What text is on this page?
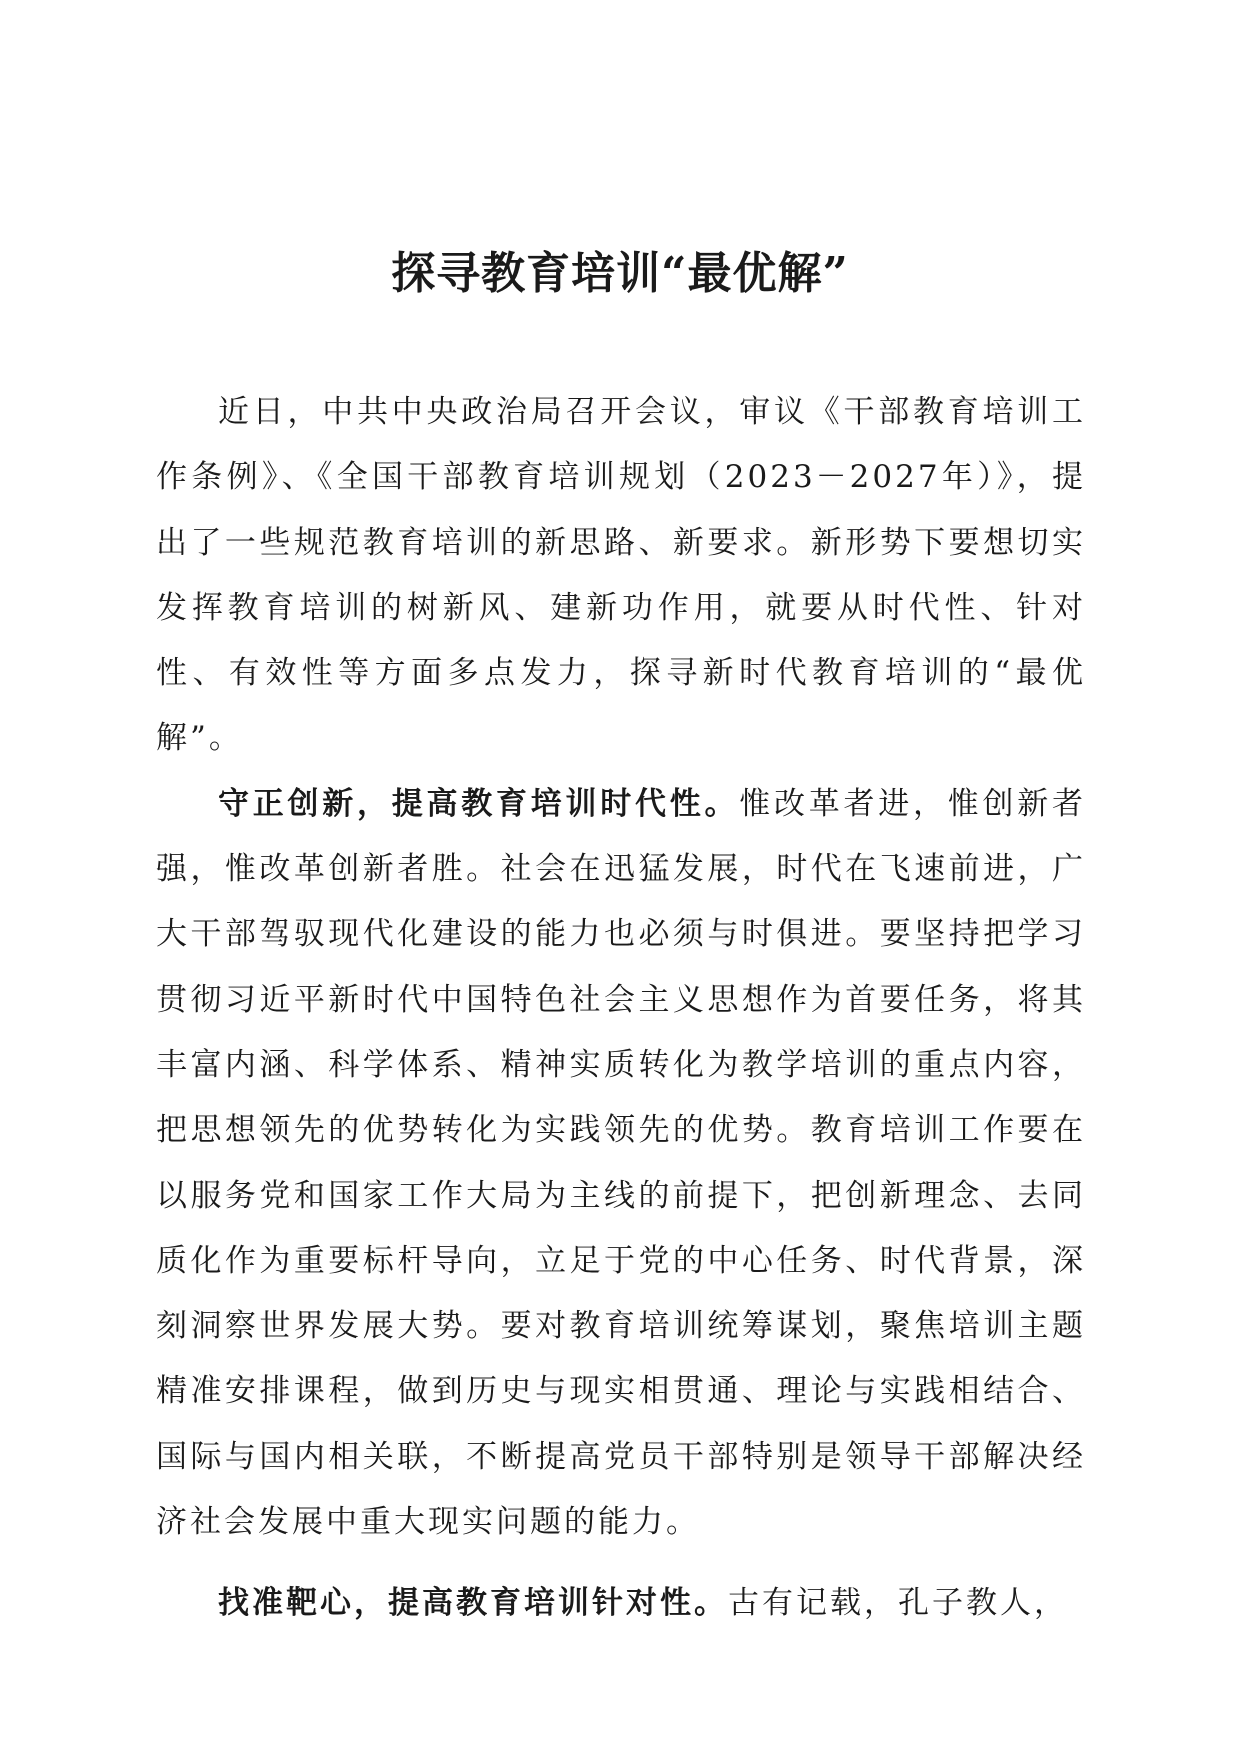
探寻教育培训“最优解”

近日，中共中央政治局召开会议，审议《干部教育培训工作条例》、《全国干部教育培训规划（2023－2027年）》，提出了一些规范教育培训的新思路、新要求。新形势下要想切实发挥教育培训的树新风、建新功作用，就要从时代性、针对性、有效性等方面多点发力，探寻新时代教育培训的“最优解”。

守正创新，提高教育培训时代性。惟改革者进，惟创新者强，惟改革创新者胜。社会在迅猛发展，时代在飞速前进，广大干部驾驭现代化建设的能力也必须与时俱进。要坚持把学习贯彻习近平新时代中国特色社会主义思想作为首要任务，将其丰富内涵、科学体系、精神实质转化为教学培训的重点内容，把思想领先的优势转化为实践领先的优势。教育培训工作要在以服务党和国家工作大局为主线的前提下，把创新理念、去同质化作为重要标杆导向，立足于党的中心任务、时代背景，深刻洞察世界发展大势。要对教育培训统筹谋划，聚焦培训主题精准安排课程，做到历史与现实相贯通、理论与实践相结合、国际与国内相关联，不断提高党员干部特别是领导干部解决经济社会发展中重大现实问题的能力。

找准靶心，提高教育培训针对性。古有记载，孔子教人，
